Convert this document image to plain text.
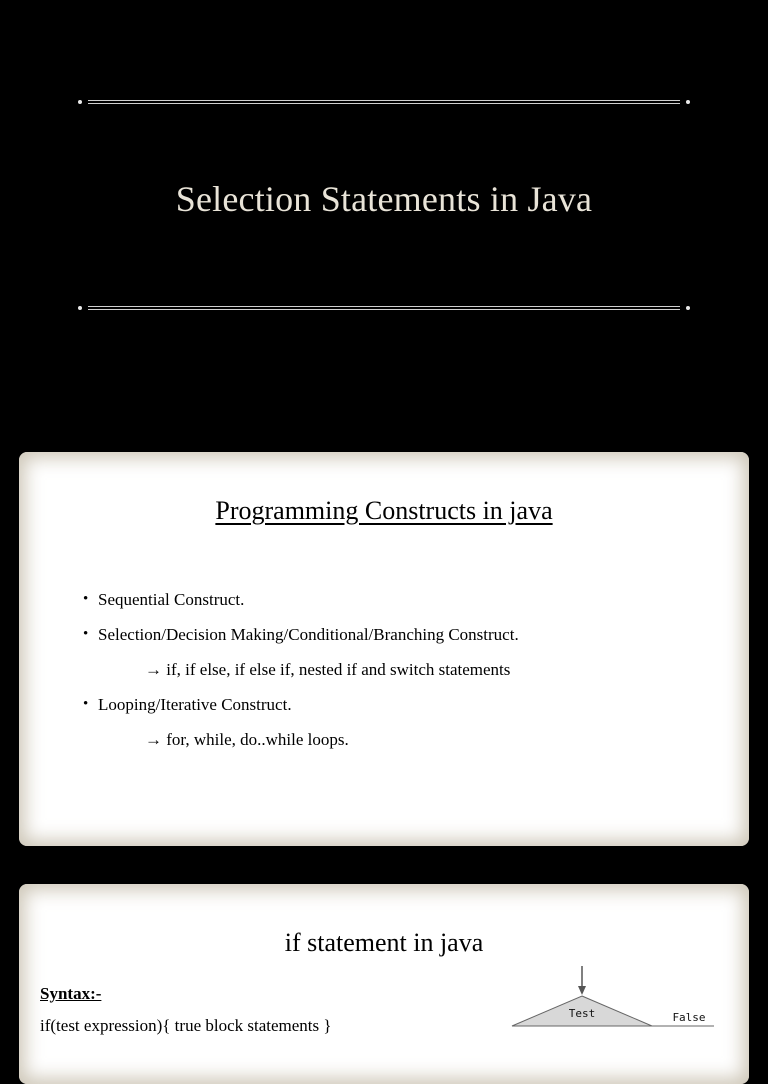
Selection Statements in Java
Programming Constructs in java
• Sequential Construct.
• Selection/Decision Making/Conditional/Branching Construct.
→ if, if else, if else if, nested if and switch statements
• Looping/Iterative Construct.
→ for, while, do..while loops.
if statement in java
Syntax:-
if(test expression){ true block statements }
Test	False
